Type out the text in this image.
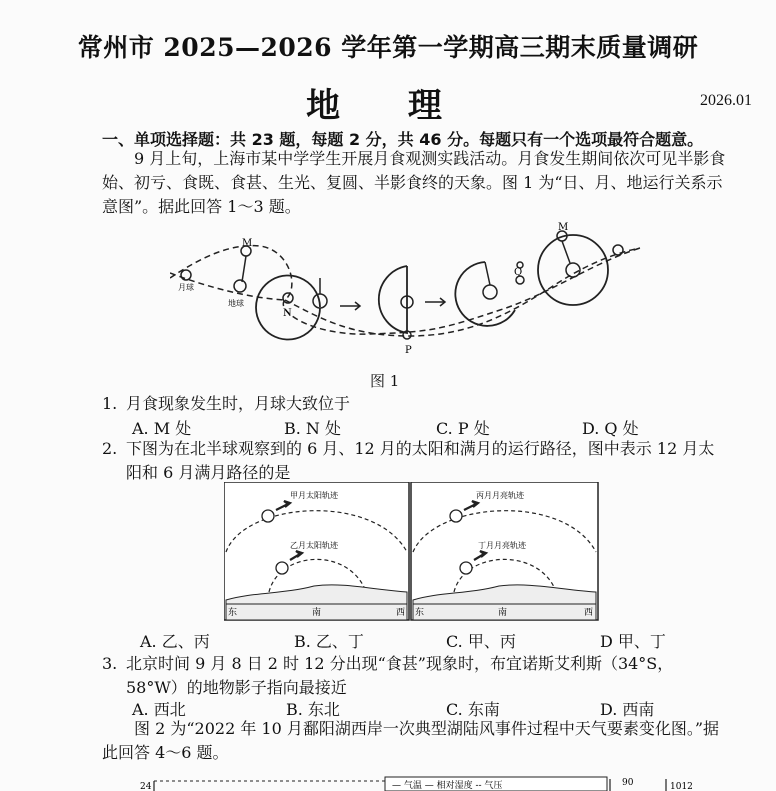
常州市 2025—2026 学年第一学期高三期末质量调研
地 理	2026.01
一、单项选择题：共 23 题，每题 2 分，共 46 分。每题只有一个选项最符合题意。
9 月上旬，上海市某中学学生开展月食观测实践活动。月食发生期间依次可见半影食始、初亏、食既、食甚、生光、复圆、半影食终的天象。图 1 为“日、月、地运行关系示意图”。据此回答 1～3 题。
月球
地球
M
N
P
Q
M
图 1
1. 月食现象发生时，月球大致位于
A. M 处	B. N 处	C. P 处	D. Q 处
2. 下图为在北半球观察到的 6 月、12 月的太阳和满月的运行路径，图中表示 12 月太阳和 6 月满月路径的是
甲月太阳轨迹
乙月太阳轨迹
丙月月亮轨迹
丁月月亮轨迹
东	南	西 东	南	西
A. 乙、丙	B. 乙、丁	C. 甲、丙	D 甲、丁
3. 北京时间 9 月 8 日 2 时 12 分出现“食甚”现象时，布宜诺斯艾利斯（34°S，58°W）的地物影子指向最接近
A. 西北	B. 东北	C. 东南	D. 西南
图 2 为“2022 年 10 月鄱阳湖西岸一次典型湖陆风事件过程中天气要素变化图。”据此回答 4～6 题。
24	— 气温 — 相对湿度 -- 气压	90	1012
